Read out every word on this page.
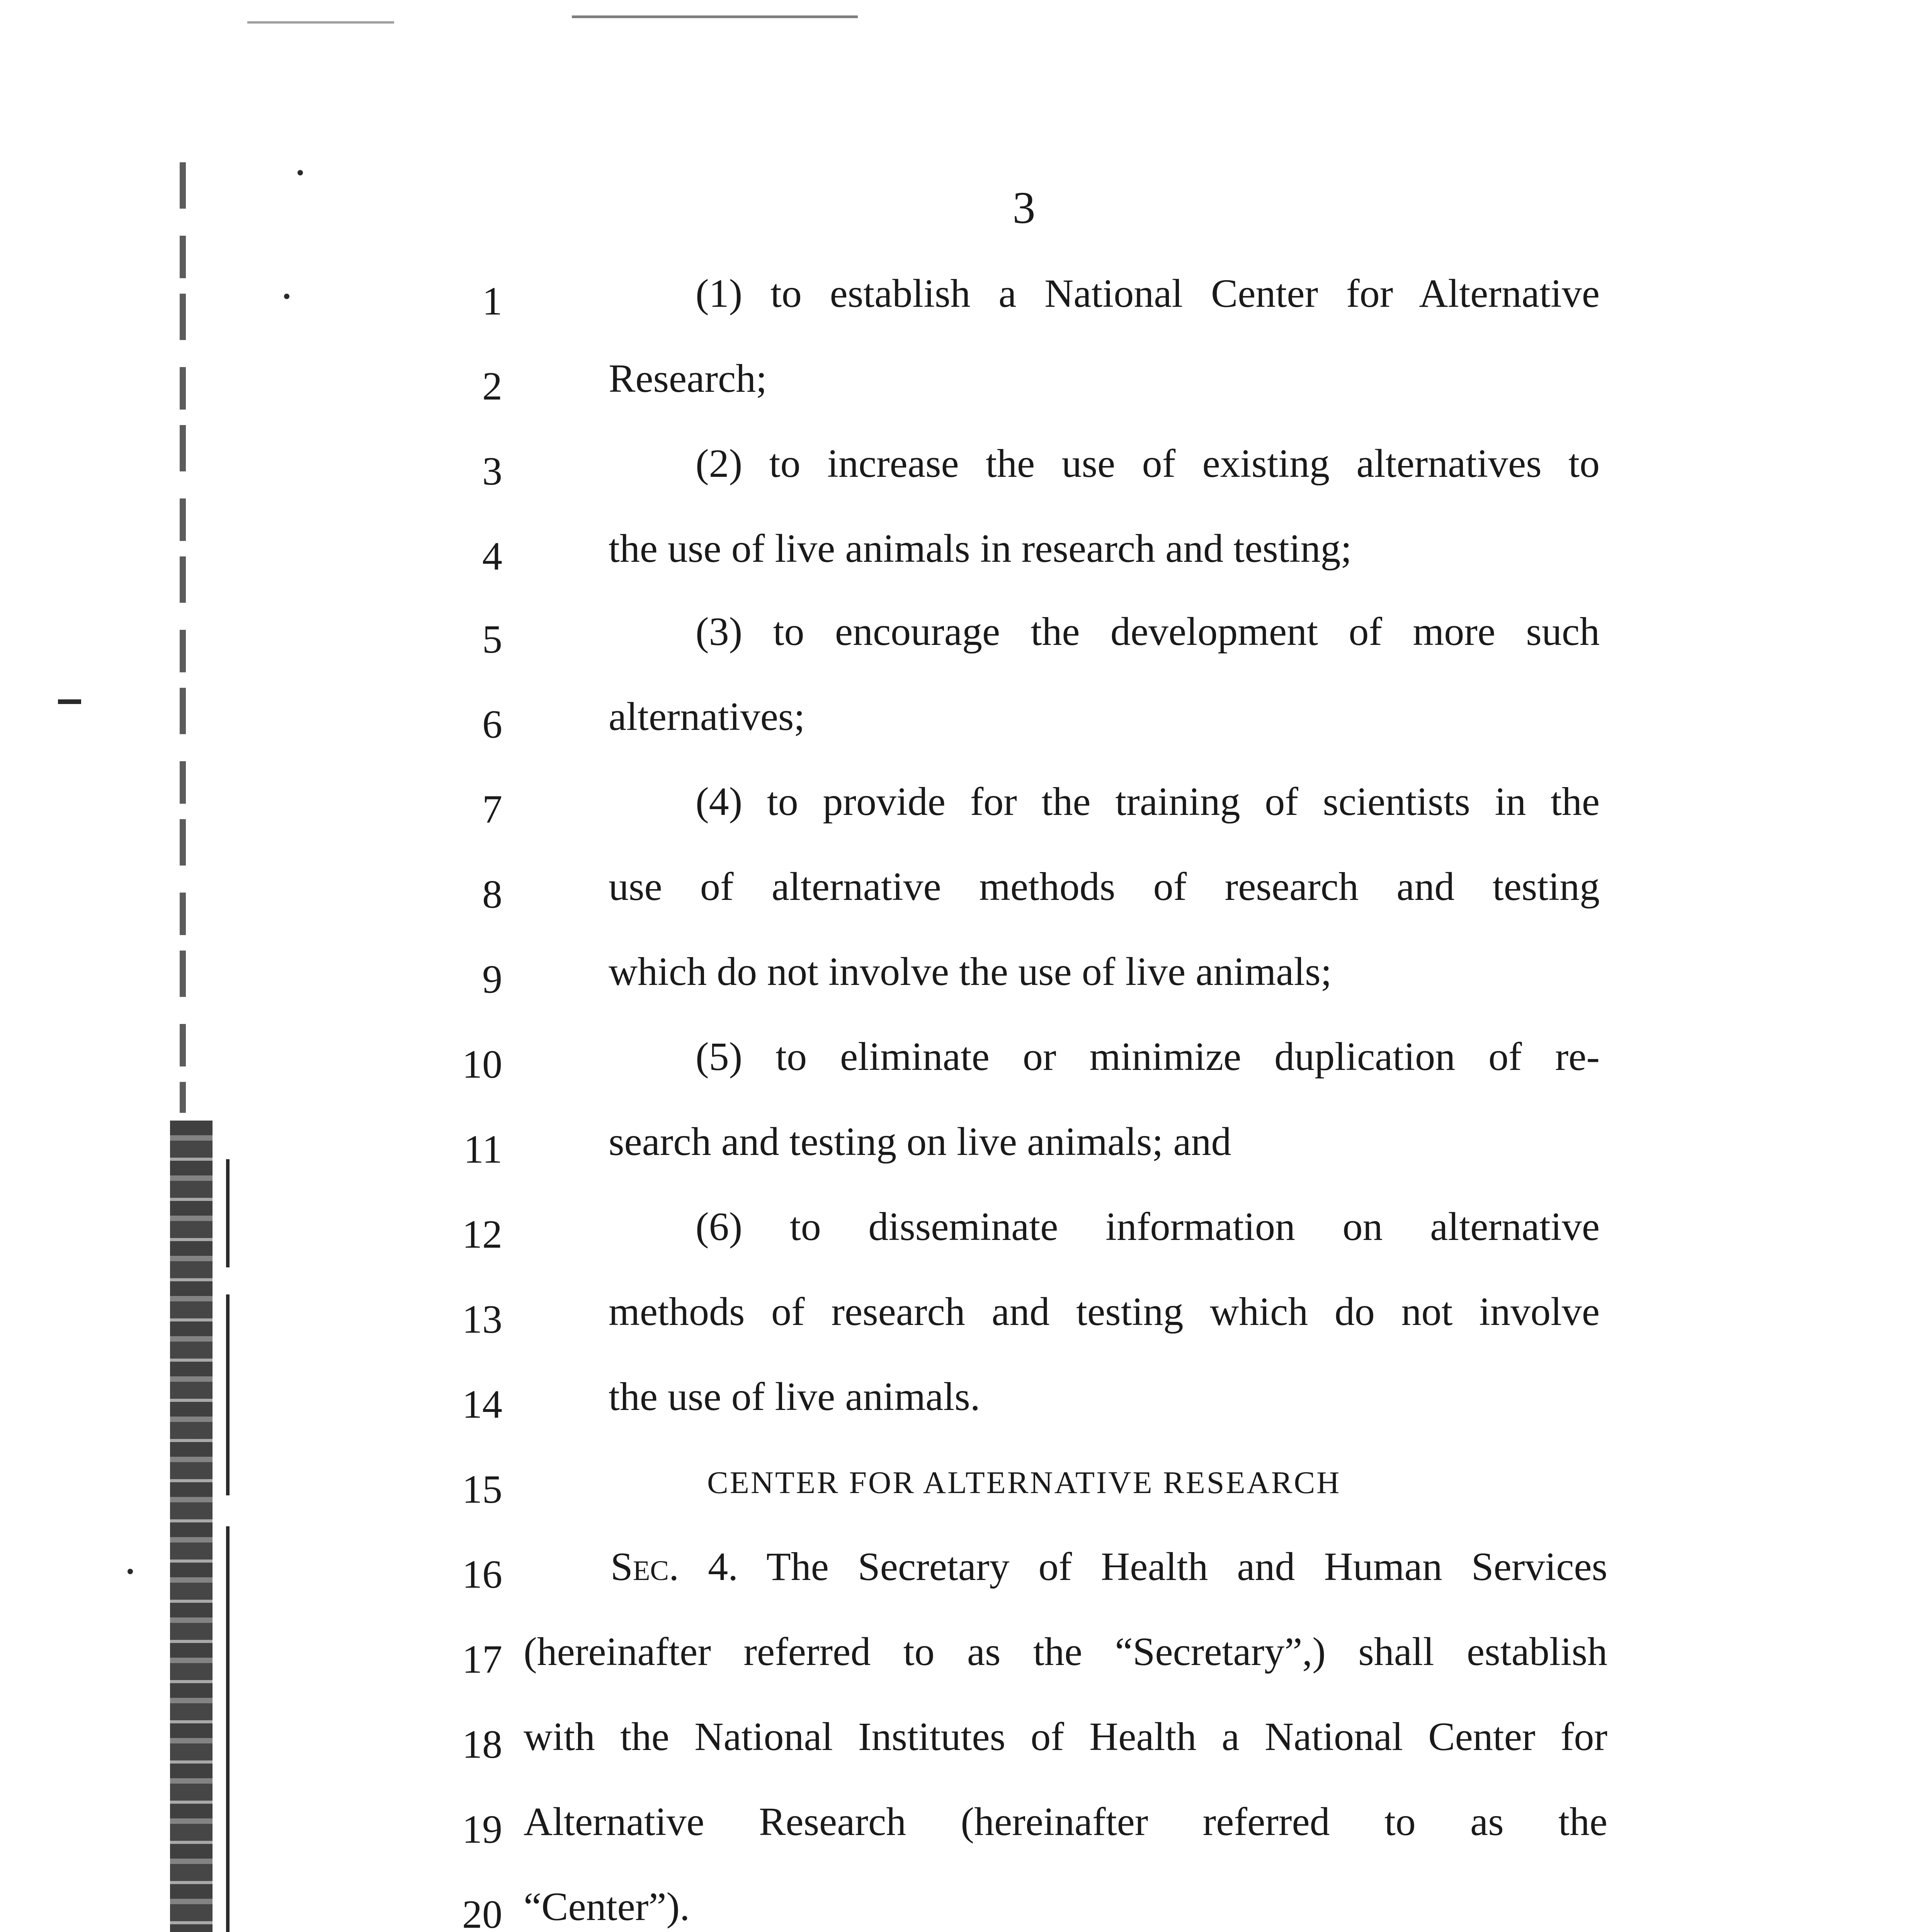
3
1	(1) to establish a National Center for Alternative
2	Research;
3	(2) to increase the use of existing alternatives to
4	the use of live animals in research and testing;
5	(3) to encourage the development of more such
6	alternatives;
7	(4) to provide for the training of scientists in the
8	use of alternative methods of research and testing
9	which do not involve the use of live animals;
10	(5) to eliminate or minimize duplication of re-
11	search and testing on live animals; and
12	(6) to disseminate information on alternative
13	methods of research and testing which do not involve
14	the use of live animals.
15	CENTER FOR ALTERNATIVE RESEARCH
16	Sec. 4. The Secretary of Health and Human Services
17 (hereinafter referred to as the “Secretary”,) shall establish
18 with the National Institutes of Health a National Center for
19 Alternative Research (hereinafter referred to as the
20 “Center”).
